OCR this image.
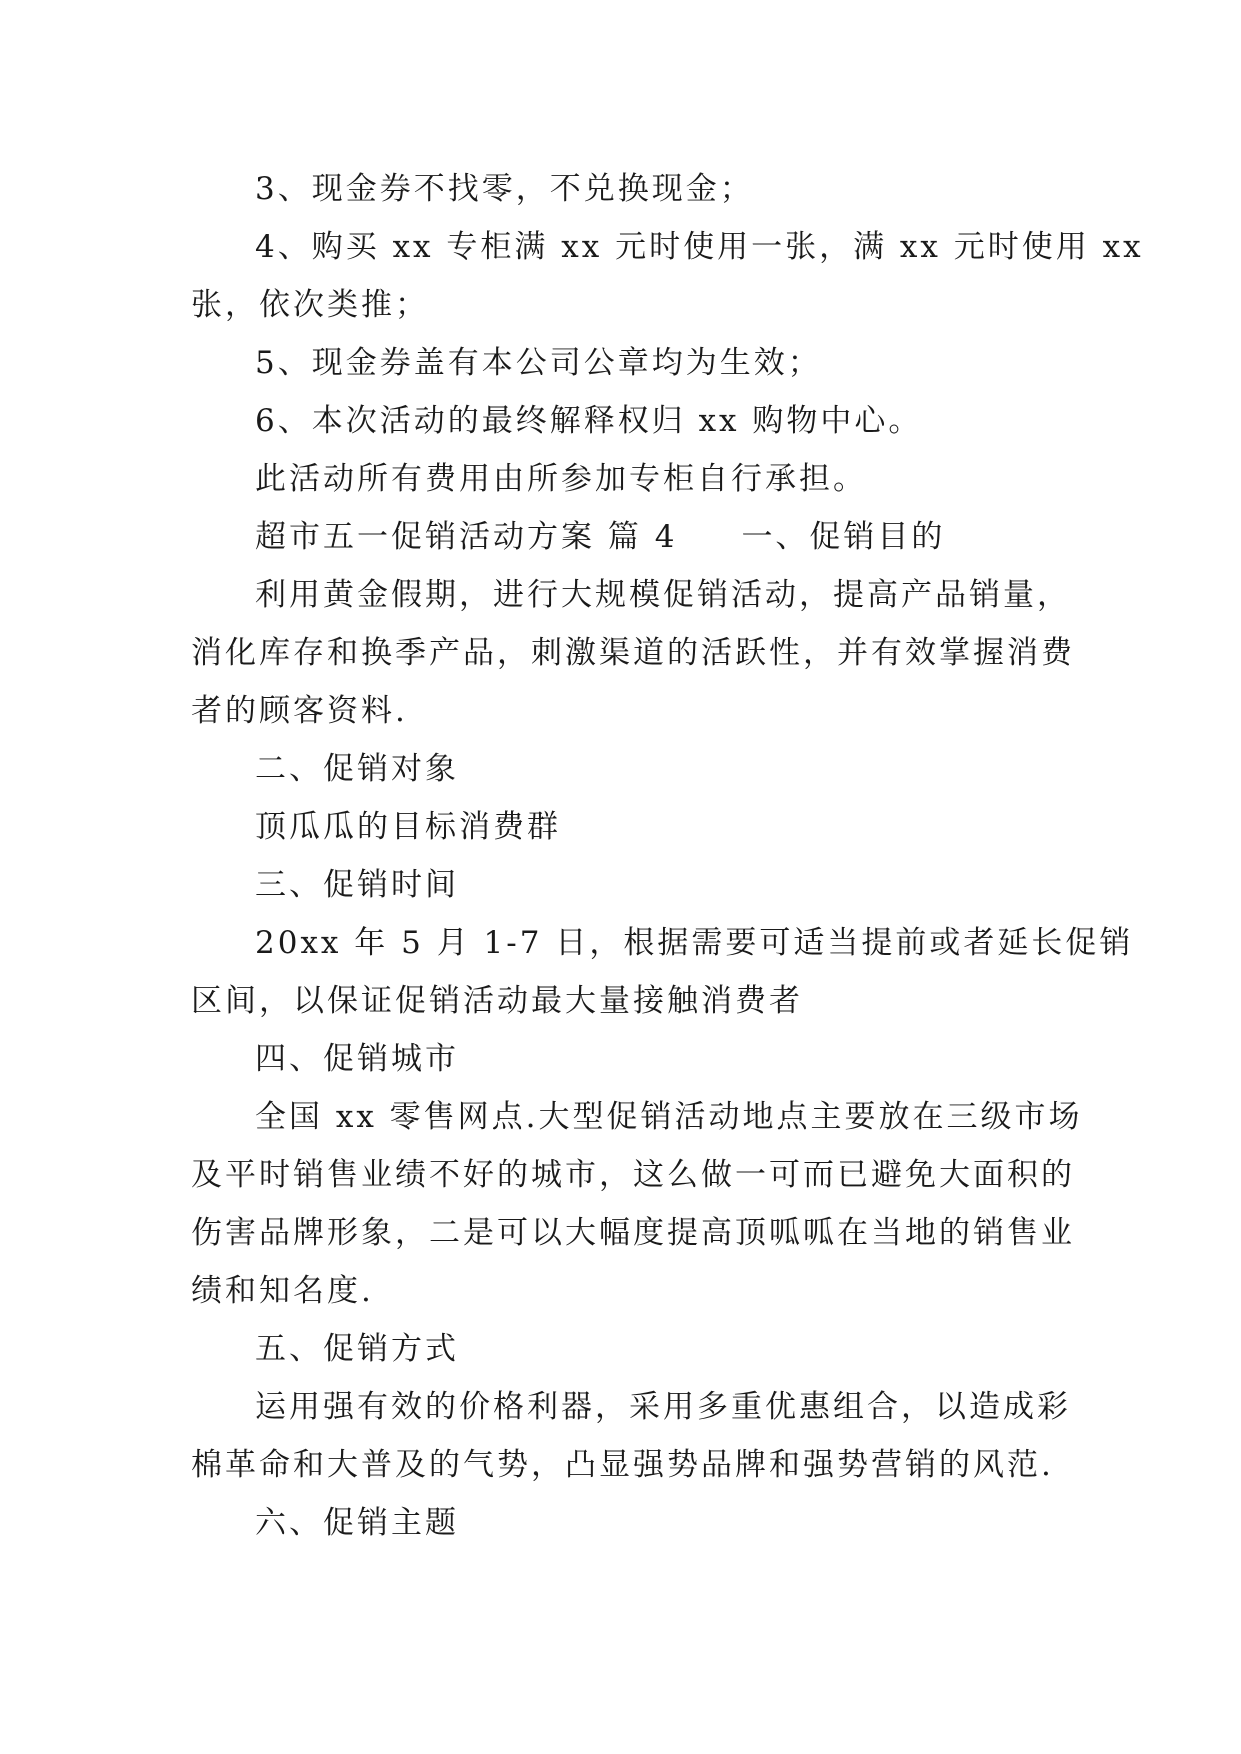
3、现金券不找零，不兑换现金；
4、购买 xx 专柜满 xx 元时使用一张，满 xx 元时使用 xx
张，依次类推；
5、现金券盖有本公司公章均为生效；
6、本次活动的最终解释权归 xx 购物中心。
此活动所有费用由所参加专柜自行承担。
超市五一促销活动方案 篇 4 一、促销目的
利用黄金假期，进行大规模促销活动，提高产品销量，
消化库存和换季产品，刺激渠道的活跃性，并有效掌握消费
者的顾客资料.
二、促销对象
顶瓜瓜的目标消费群
三、促销时间
20xx 年 5 月 1-7 日，根据需要可适当提前或者延长促销
区间，以保证促销活动最大量接触消费者
四、促销城市
全国 xx 零售网点.大型促销活动地点主要放在三级市场
及平时销售业绩不好的城市，这么做一可而已避免大面积的
伤害品牌形象，二是可以大幅度提高顶呱呱在当地的销售业
绩和知名度.
五、促销方式
运用强有效的价格利器，采用多重优惠组合，以造成彩
棉革命和大普及的气势，凸显强势品牌和强势营销的风范.
六、促销主题
